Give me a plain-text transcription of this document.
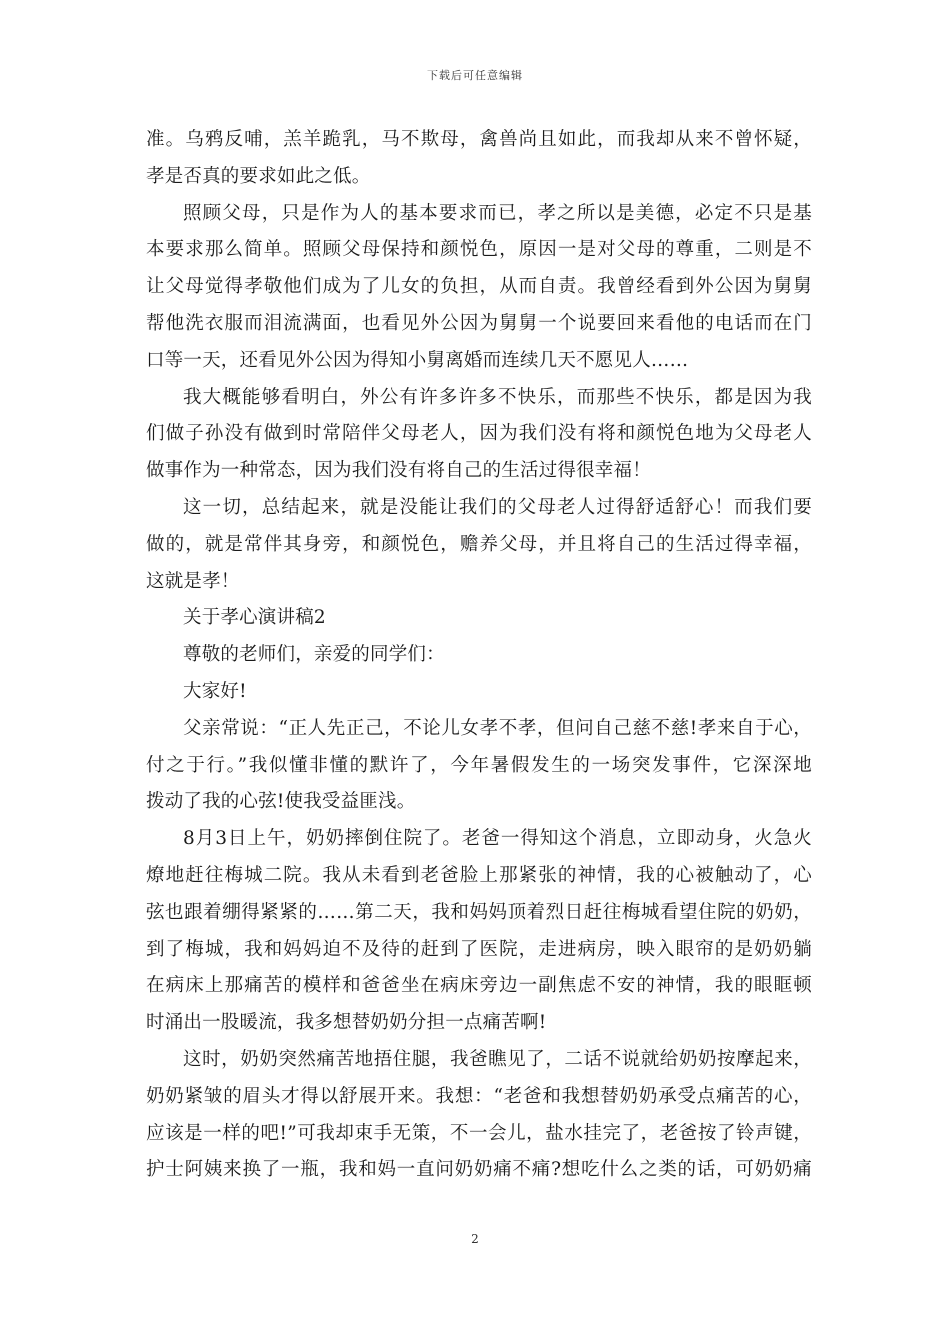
下载后可任意编辑
准。乌鸦反哺，羔羊跪乳，马不欺母，禽兽尚且如此，而我却从来不曾怀疑，
孝是否真的要求如此之低。
照顾父母，只是作为人的基本要求而已，孝之所以是美德，必定不只是基
本要求那么简单。照顾父母保持和颜悦色，原因一是对父母的尊重，二则是不
让父母觉得孝敬他们成为了儿女的负担，从而自责。我曾经看到外公因为舅舅
帮他洗衣服而泪流满面，也看见外公因为舅舅一个说要回来看他的电话而在门
口等一天，还看见外公因为得知小舅离婚而连续几天不愿见人……
我大概能够看明白，外公有许多许多不快乐，而那些不快乐，都是因为我
们做子孙没有做到时常陪伴父母老人，因为我们没有将和颜悦色地为父母老人
做事作为一种常态，因为我们没有将自己的生活过得很幸福！
这一切，总结起来，就是没能让我们的父母老人过得舒适舒心！而我们要
做的，就是常伴其身旁，和颜悦色，赡养父母，并且将自己的生活过得幸福，
这就是孝！
关于孝心演讲稿2
尊敬的老师们，亲爱的同学们：
大家好!
父亲常说：“正人先正己，不论儿女孝不孝，但问自己慈不慈!孝来自于心，
付之于行。”我似懂非懂的默许了，今年暑假发生的一场突发事件，它深深地
拨动了我的心弦!使我受益匪浅。
8月3日上午，奶奶摔倒住院了。老爸一得知这个消息，立即动身，火急火
燎地赶往梅城二院。我从未看到老爸脸上那紧张的神情，我的心被触动了，心
弦也跟着绷得紧紧的……第二天，我和妈妈顶着烈日赶往梅城看望住院的奶奶，
到了梅城，我和妈妈迫不及待的赶到了医院，走进病房，映入眼帘的是奶奶躺
在病床上那痛苦的模样和爸爸坐在病床旁边一副焦虑不安的神情，我的眼眶顿
时涌出一股暖流，我多想替奶奶分担一点痛苦啊!
这时，奶奶突然痛苦地捂住腿，我爸瞧见了，二话不说就给奶奶按摩起来，
奶奶紧皱的眉头才得以舒展开来。我想：“老爸和我想替奶奶承受点痛苦的心，
应该是一样的吧!”可我却束手无策，不一会儿，盐水挂完了，老爸按了铃声键，
护士阿姨来换了一瓶，我和妈一直问奶奶痛不痛?想吃什么之类的话，可奶奶痛
2
